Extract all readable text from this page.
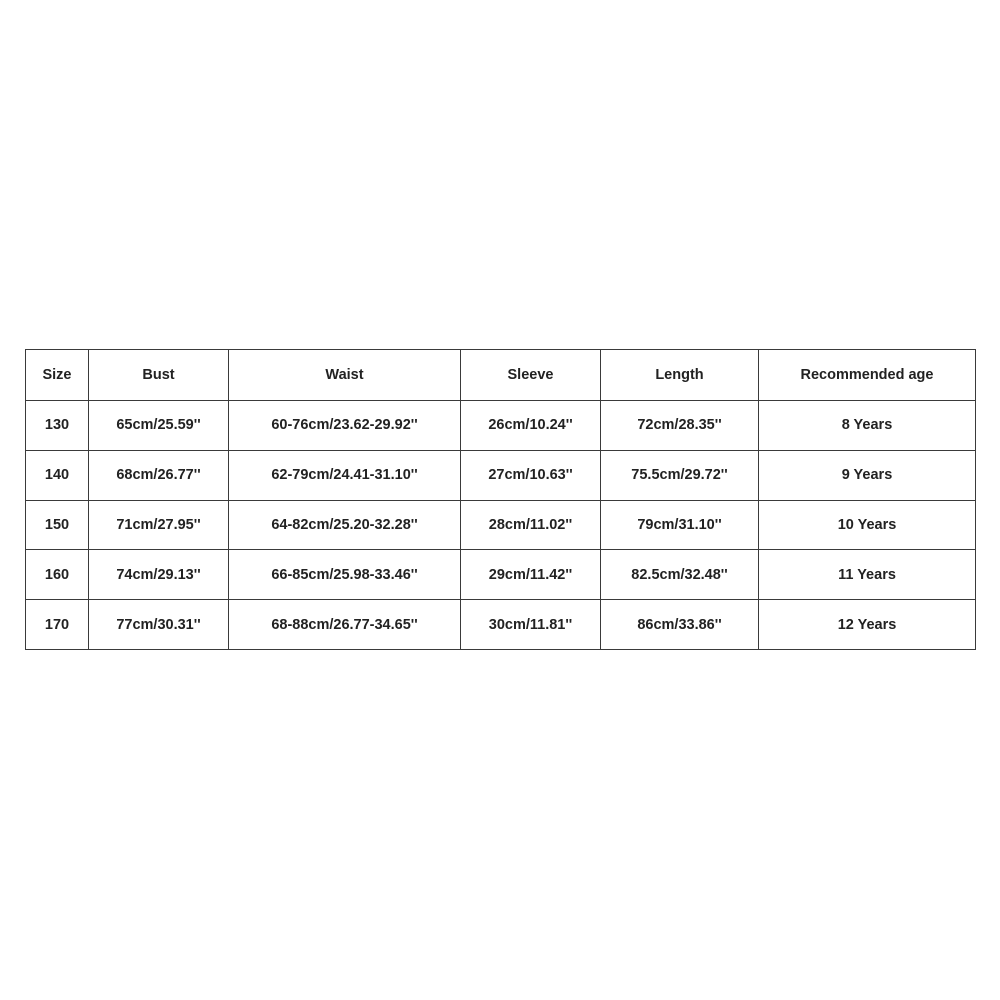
Size	Bust	Waist	Sleeve	Length	Recommended age
130	65cm/25.59''	60-76cm/23.62-29.92''	26cm/10.24''	72cm/28.35''	8 Years
140	68cm/26.77''	62-79cm/24.41-31.10''	27cm/10.63''	75.5cm/29.72''	9 Years
150	71cm/27.95''	64-82cm/25.20-32.28''	28cm/11.02''	79cm/31.10''	10 Years
160	74cm/29.13''	66-85cm/25.98-33.46''	29cm/11.42''	82.5cm/32.48''	11 Years
170	77cm/30.31''	68-88cm/26.77-34.65''	30cm/11.81''	86cm/33.86''	12 Years
